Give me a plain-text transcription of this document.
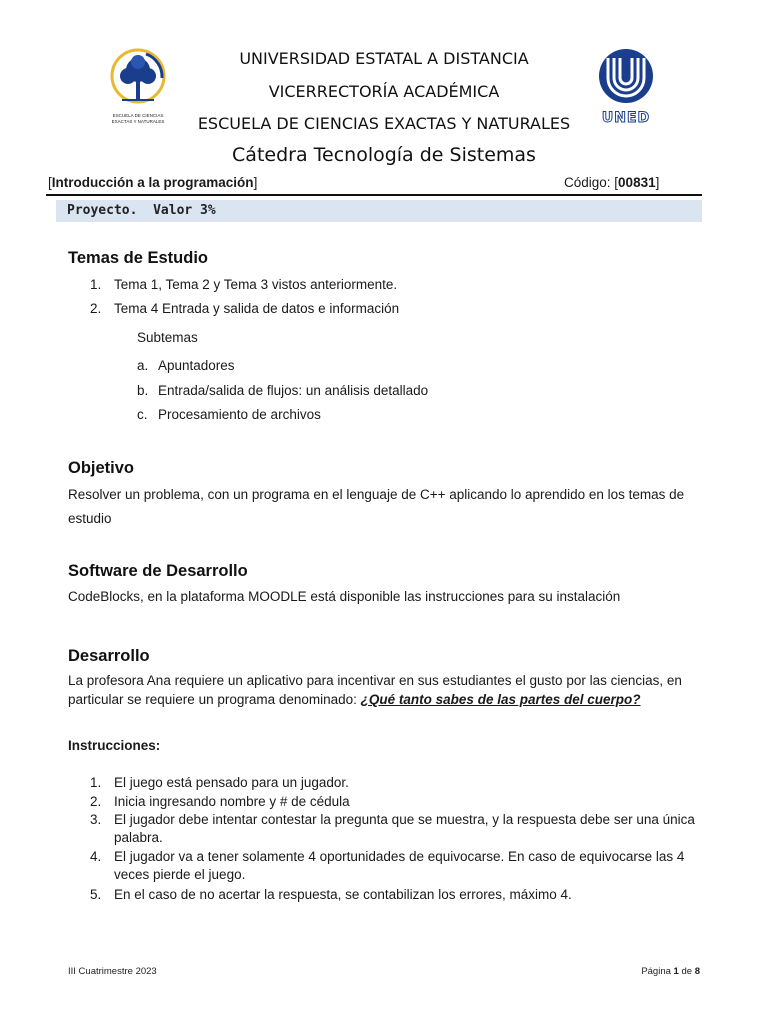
ESCUELA DE CIENCIAS
EXACTAS Y NATURALES	UNED
UNIVERSIDAD ESTATAL A DISTANCIA
VICERRECTORÍA ACADÉMICA
ESCUELA DE CIENCIAS EXACTAS Y NATURALES
Cátedra Tecnología de Sistemas
[Introducción a la programación]	Código: [00831]
Proyecto.  Valor 3%
Temas de Estudio
1. Tema 1, Tema 2 y Tema 3 vistos anteriormente.
2. Tema 4 Entrada y salida de datos e información
Subtemas
a. Apuntadores
b. Entrada/salida de flujos: un análisis detallado
c. Procesamiento de archivos
Objetivo
Resolver un problema, con un programa en el lenguaje de C++ aplicando lo aprendido en los temas de
estudio
Software de Desarrollo
CodeBlocks, en la plataforma MOODLE está disponible las instrucciones para su instalación
Desarrollo
La profesora Ana requiere un aplicativo para incentivar en sus estudiantes el gusto por las ciencias, en
particular se requiere un programa denominado: ¿Qué tanto sabes de las partes del cuerpo?
Instrucciones:
1. El juego está pensado para un jugador.
2. Inicia ingresando nombre y # de cédula
3. El jugador debe intentar contestar la pregunta que se muestra, y la respuesta debe ser una única
palabra.
4. El jugador va a tener solamente 4 oportunidades de equivocarse. En caso de equivocarse las 4
veces pierde el juego.
5. En el caso de no acertar la respuesta, se contabilizan los errores, máximo 4.
III Cuatrimestre 2023	Página 1 de 8
